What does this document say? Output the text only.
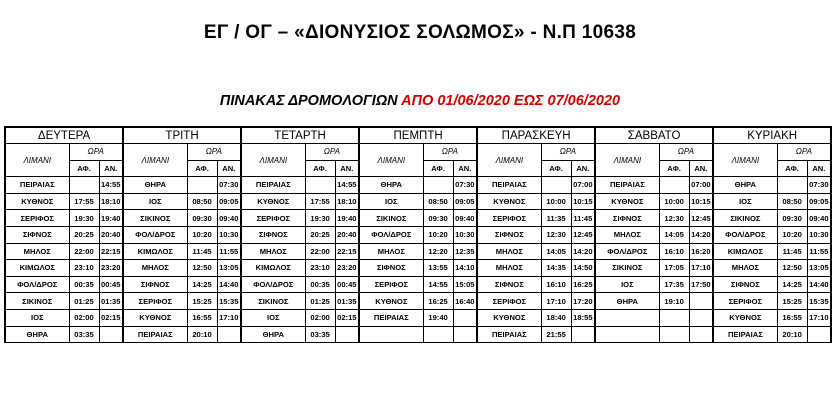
ΕΓ / ΟΓ – «ΔΙΟΝΥΣΙΟΣ ΣΟΛΩΜΟΣ» - Ν.Π 10638
ΠΙΝΑΚΑΣ ΔΡΟΜΟΛΟΓΙΩΝ ΑΠΟ 01/06/2020 ΕΩΣ 07/06/2020
ΔΕΥΤΕΡΑ			ΤΡΙΤΗ			ΤΕΤΑΡΤΗ			ΠΕΜΠΤΗ			ΠΑΡΑΣΚΕΥΗ			ΣΑΒΒΑΤΟ			ΚΥΡΙΑΚΗ		
ΛΙΜΑΝΙ	ΩΡΑ		ΛΙΜΑΝΙ	ΩΡΑ		ΛΙΜΑΝΙ	ΩΡΑ		ΛΙΜΑΝΙ	ΩΡΑ		ΛΙΜΑΝΙ	ΩΡΑ		ΛΙΜΑΝΙ	ΩΡΑ		ΛΙΜΑΝΙ	ΩΡΑ	
	ΑΦ.	ΑΝ.		ΑΦ.	ΑΝ.		ΑΦ.	ΑΝ.		ΑΦ.	ΑΝ.		ΑΦ.	ΑΝ.		ΑΦ.	ΑΝ.		ΑΦ.	ΑΝ.
ΠΕΙΡΑΙΑΣ		14:55	ΘΗΡΑ		07:30	ΠΕΙΡΑΙΑΣ		14:55	ΘΗΡΑ		07:30	ΠΕΙΡΑΙΑΣ		07:00	ΠΕΙΡΑΙΑΣ		07:00	ΘΗΡΑ		07:30
ΚΥΘΝΟΣ	17:55	18:10	ΙΟΣ	08:50	09:05	ΚΥΘΝΟΣ	17:55	18:10	ΙΟΣ	08:50	09:05	ΚΥΘΝΟΣ	10:00	10:15	ΚΥΘΝΟΣ	10:00	10:15	ΙΟΣ	08:50	09:05
ΣΕΡΙΦΟΣ	19:30	19:40	ΣΙΚΙΝΟΣ	09:30	09:40	ΣΕΡΙΦΟΣ	19:30	19:40	ΣΙΚΙΝΟΣ	09:30	09:40	ΣΕΡΙΦΟΣ	11:35	11:45	ΣΙΦΝΟΣ	12:30	12:45	ΣΙΚΙΝΟΣ	09:30	09:40
ΣΙΦΝΟΣ	20:25	20:40	ΦΟΛ/ΔΡΟΣ	10:20	10:30	ΣΙΦΝΟΣ	20:25	20:40	ΦΟΛ/ΔΡΟΣ	10:20	10:30	ΣΙΦΝΟΣ	12:30	12:45	ΜΗΛΟΣ	14:05	14:20	ΦΟΛ/ΔΡΟΣ	10:20	10:30
ΜΗΛΟΣ	22:00	22:15	ΚΙΜΩΛΟΣ	11:45	11:55	ΜΗΛΟΣ	22:00	22:15	ΜΗΛΟΣ	12:20	12:35	ΜΗΛΟΣ	14:05	14:20	ΦΟΛ/ΔΡΟΣ	16:10	16:20	ΚΙΜΩΛΟΣ	11:45	11:55
ΚΙΜΩΛΟΣ	23:10	23:20	ΜΗΛΟΣ	12:50	13:05	ΚΙΜΩΛΟΣ	23:10	23:20	ΣΙΦΝΟΣ	13:55	14:10	ΜΗΛΟΣ	14:35	14:50	ΣΙΚΙΝΟΣ	17:05	17:10	ΜΗΛΟΣ	12:50	13:05
ΦΟΛ/ΔΡΟΣ	00:35	00:45	ΣΙΦΝΟΣ	14:25	14:40	ΦΟΛ/ΔΡΟΣ	00:35	00:45	ΣΕΡΙΦΟΣ	14:55	15:05	ΣΙΦΝΟΣ	16:10	16:25	ΙΟΣ	17:35	17:50	ΣΙΦΝΟΣ	14:25	14:40
ΣΙΚΙΝΟΣ	01:25	01:35	ΣΕΡΙΦΟΣ	15:25	15:35	ΣΙΚΙΝΟΣ	01:25	01:35	ΚΥΘΝΟΣ	16:25	16:40	ΣΕΡΙΦΟΣ	17:10	17:20	ΘΗΡΑ	19:10		ΣΕΡΙΦΟΣ	15:25	15:35
ΙΟΣ	02:00	02:15	ΚΥΘΝΟΣ	16:55	17:10	ΙΟΣ	02:00	02:15	ΠΕΙΡΑΙΑΣ	19:40		ΚΥΘΝΟΣ	18:40	18:55				ΚΥΘΝΟΣ	16:55	17:10
ΘΗΡΑ	03:35		ΠΕΙΡΑΙΑΣ	20:10		ΘΗΡΑ	03:35					ΠΕΙΡΑΙΑΣ	21:55					ΠΕΙΡΑΙΑΣ	20:10	
